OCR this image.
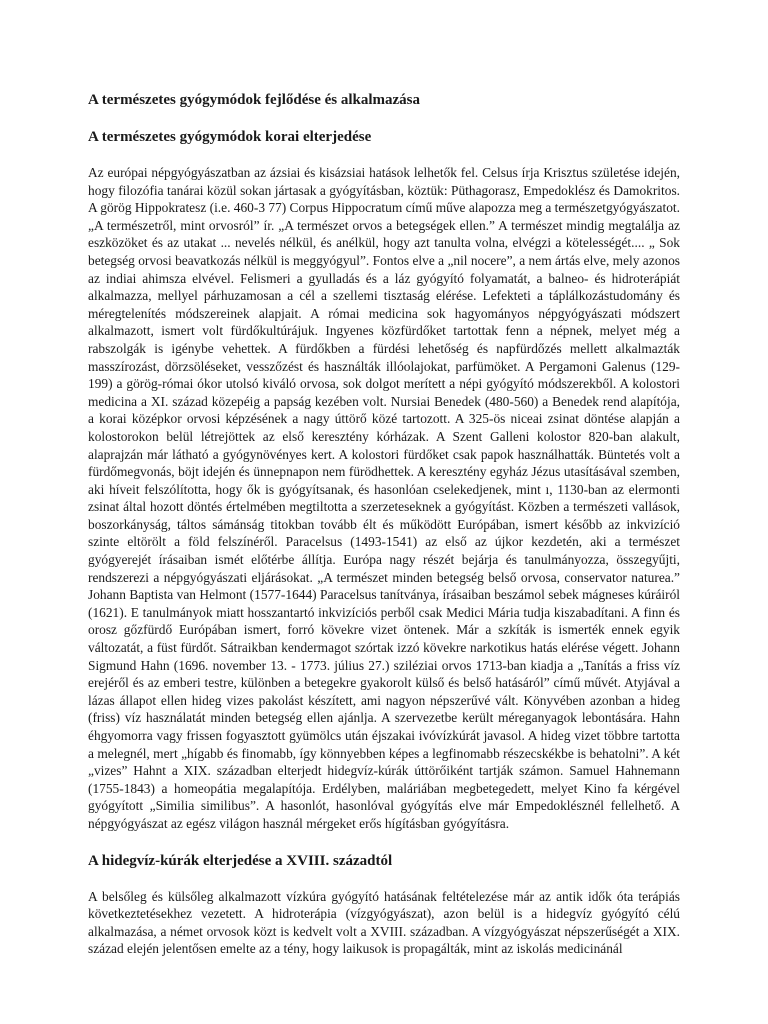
A természetes gyógymódok fejlődése és alkalmazása
A természetes gyógymódok korai elterjedése

Az európai népgyógyászatban az ázsiai és kisázsiai hatások lelhetők fel. Celsus írja Krisztus születése idején, hogy filozófia tanárai közül sokan jártasak a gyógyításban, köztük: Püthagorasz, Empedoklész és Damokritos. A görög Hippokratesz (i.e. 460-3 77) Corpus Hippocratum című műve alapozza meg a természetgyógyászatot. „A természetről, mint orvosról” ír. „A természet orvos a betegségek ellen.” A természet mindig megtalálja az eszközöket és az utakat ... nevelés nélkül, és anélkül, hogy azt tanulta volna, elvégzi a kötelességét.... „ Sok betegség orvosi beavatkozás nélkül is meggyógyul”. Fontos elve a „nil nocere”, a nem ártás elve, mely azonos az indiai ahimsza elvével. Felismeri a gyulladás és a láz gyógyító folyamatát, a balneo- és hidroterápiát alkalmazza, mellyel párhuzamosan a cél a szellemi tisztaság elérése. Lefekteti a táplálkozástudomány és méregtelenítés módszereinek alapjait. A római medicina sok hagyományos népgyógyászati módszert alkalmazott, ismert volt fürdőkultúrájuk. Ingyenes közfürdőket tartottak fenn a népnek, melyet még a rabszolgák is igénybe vehettek. A fürdőkben a fürdési lehetőség és napfürdőzés mellett alkalmazták masszírozást, dörzsöléseket, vesszőzést és használták illóolajokat, parfümöket. A Pergamoni Galenus (129-199) a görög-római ókor utolsó kiváló orvosa, sok dolgot merített a népi gyógyító módszerekből. A kolostori medicina a XI. század közepéig a papság kezében volt. Nursiai Benedek (480-560) a Benedek rend alapítója, a korai középkor orvosi képzésének a nagy úttörő közé tartozott. A 325-ös niceai zsinat döntése alapján a kolostorokon belül létrejöttek az első keresztény kórházak. A Szent Galleni kolostor 820-ban alakult, alaprajzán már látható a gyógynövényes kert. A kolostori fürdőket csak papok használhatták. Büntetés volt a fürdőmegvonás, böjt idején és ünnepnapon nem fürödhettek. A keresztény egyház Jézus utasításával szemben, aki híveit felszólította, hogy ők is gyógyítsanak, és hasonlóan cselekedjenek, mint ı, 1130-ban az elermonti zsinat által hozott döntés értelmében megtiltotta a szerzeteseknek a gyógyítást. Közben a természeti vallások, boszorkányság, táltos sámánság titokban tovább élt és működött Európában, ismert később az inkvizíció szinte eltörölt a föld felszínéről. Paracelsus (1493-1541) az első az újkor kezdetén, aki a természet gyógyerejét írásaiban ismét előtérbe állítja. Európa nagy részét bejárja és tanulmányozza, összegyűjti, rendszerezi a népgyógyászati eljárásokat. „A természet minden betegség belső orvosa, conservator naturea.” Johann Baptista van Helmont (1577-1644) Paracelsus tanítványa, írásaiban beszámol sebek mágneses kúráiról (1621). E tanulmányok miatt hosszantartó inkvizíciós perből csak Medici Mária tudja kiszabadítani. A finn és orosz gőzfürdő Európában ismert, forró kövekre vizet öntenek. Már a szkíták is ismerték ennek egyik változatát, a füst fürdőt. Sátraikban kendermagot szórtak izzó kövekre narkotikus hatás elérése végett. Johann Sigmund Hahn (1696. november 13. - 1773. július 27.) sziléziai orvos 1713-ban kiadja a „Tanítás a friss víz erejéről és az emberi testre, különben a betegekre gyakorolt külső és belső hatásáról” című művét. Atyjával a lázas állapot ellen hideg vizes pakolást készített, ami nagyon népszerűvé vált. Könyvében azonban a hideg (friss) víz használatát minden betegség ellen ajánlja. A szervezetbe került méreganyagok lebontására. Hahn éhgyomorra vagy frissen fogyasztott gyümölcs után éjszakai ivóvízkúrát javasol. A hideg vizet többre tartotta a melegnél, mert „hígabb és finomabb, így könnyebben képes a legfinomabb részecskékbe is behatolni”. A két „vizes” Hahnt a XIX. században elterjedt hidegvíz-kúrák úttörőiként tartják számon. Samuel Hahnemann (1755-1843) a homeopátia megalapítója. Erdélyben, maláriában megbetegedett, melyet Kino fa kérgével gyógyított „Similia similibus”. A hasonlót, hasonlóval gyógyítás elve már Empedoklésznél fellelhető. A népgyógyászat az egész világon használ mérgeket erős hígításban gyógyításra.

A hidegvíz-kúrák elterjedése a XVIII. századtól

A belsőleg és külsőleg alkalmazott vízkúra gyógyító hatásának feltételezése már az antik idők óta terápiás következtetésekhez vezetett. A hidroterápia (vízgyógyászat), azon belül is a hidegvíz gyógyító célú alkalmazása, a német orvosok közt is kedvelt volt a XVIII. században. A vízgyógyászat népszerűségét a XIX. század elején jelentősen emelte az a tény, hogy laikusok is propagálták, mint az iskolás medicinánál
